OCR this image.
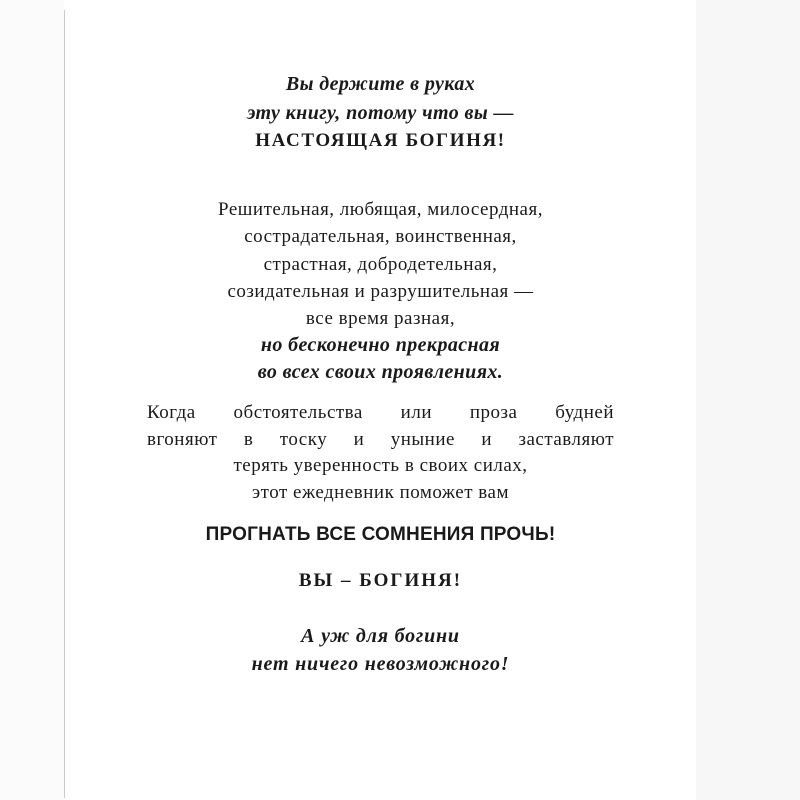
Вы держите в руках
эту книгу, потому что вы —
НАСТОЯЩАЯ БОГИНЯ!
Решительная, любящая, милосердная,
сострадательная, воинственная,
страстная, добродетельная,
созидательная и разрушительная —
все время разная,
но бесконечно прекрасная
во всех своих проявлениях.
Когда обстоятельства или проза будней
вгоняют в тоску и уныние и заставляют
терять уверенность в своих силах,
этот ежедневник поможет вам
ПРОГНАТЬ ВСЕ СОМНЕНИЯ ПРОЧЬ!
ВЫ – БОГИНЯ!
А уж для богини
нет ничего невозможного!
